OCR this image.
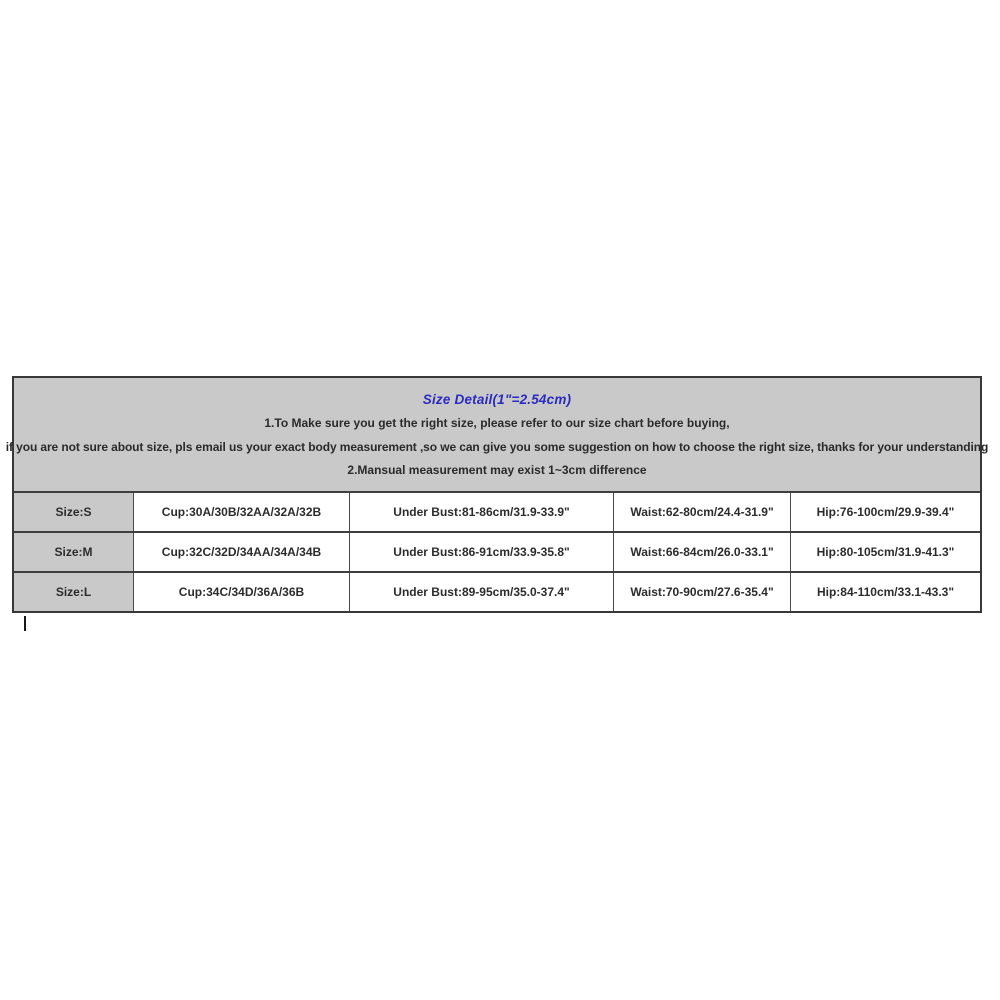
Size Detail(1"=2.54cm)
1.To Make sure you get the right size, please refer to our size chart before buying,
if you are not sure about size, pls email us your exact body measurement ,so we can give you some suggestion on how to choose the right size, thanks for your understanding
2.Mansual measurement may exist 1~3cm difference
Size:S	Cup:30A/30B/32AA/32A/32B	Under Bust:81-86cm/31.9-33.9"	Waist:62-80cm/24.4-31.9"	Hip:76-100cm/29.9-39.4"
Size:M	Cup:32C/32D/34AA/34A/34B	Under Bust:86-91cm/33.9-35.8"	Waist:66-84cm/26.0-33.1"	Hip:80-105cm/31.9-41.3"
Size:L	Cup:34C/34D/36A/36B	Under Bust:89-95cm/35.0-37.4"	Waist:70-90cm/27.6-35.4"	Hip:84-110cm/33.1-43.3"
